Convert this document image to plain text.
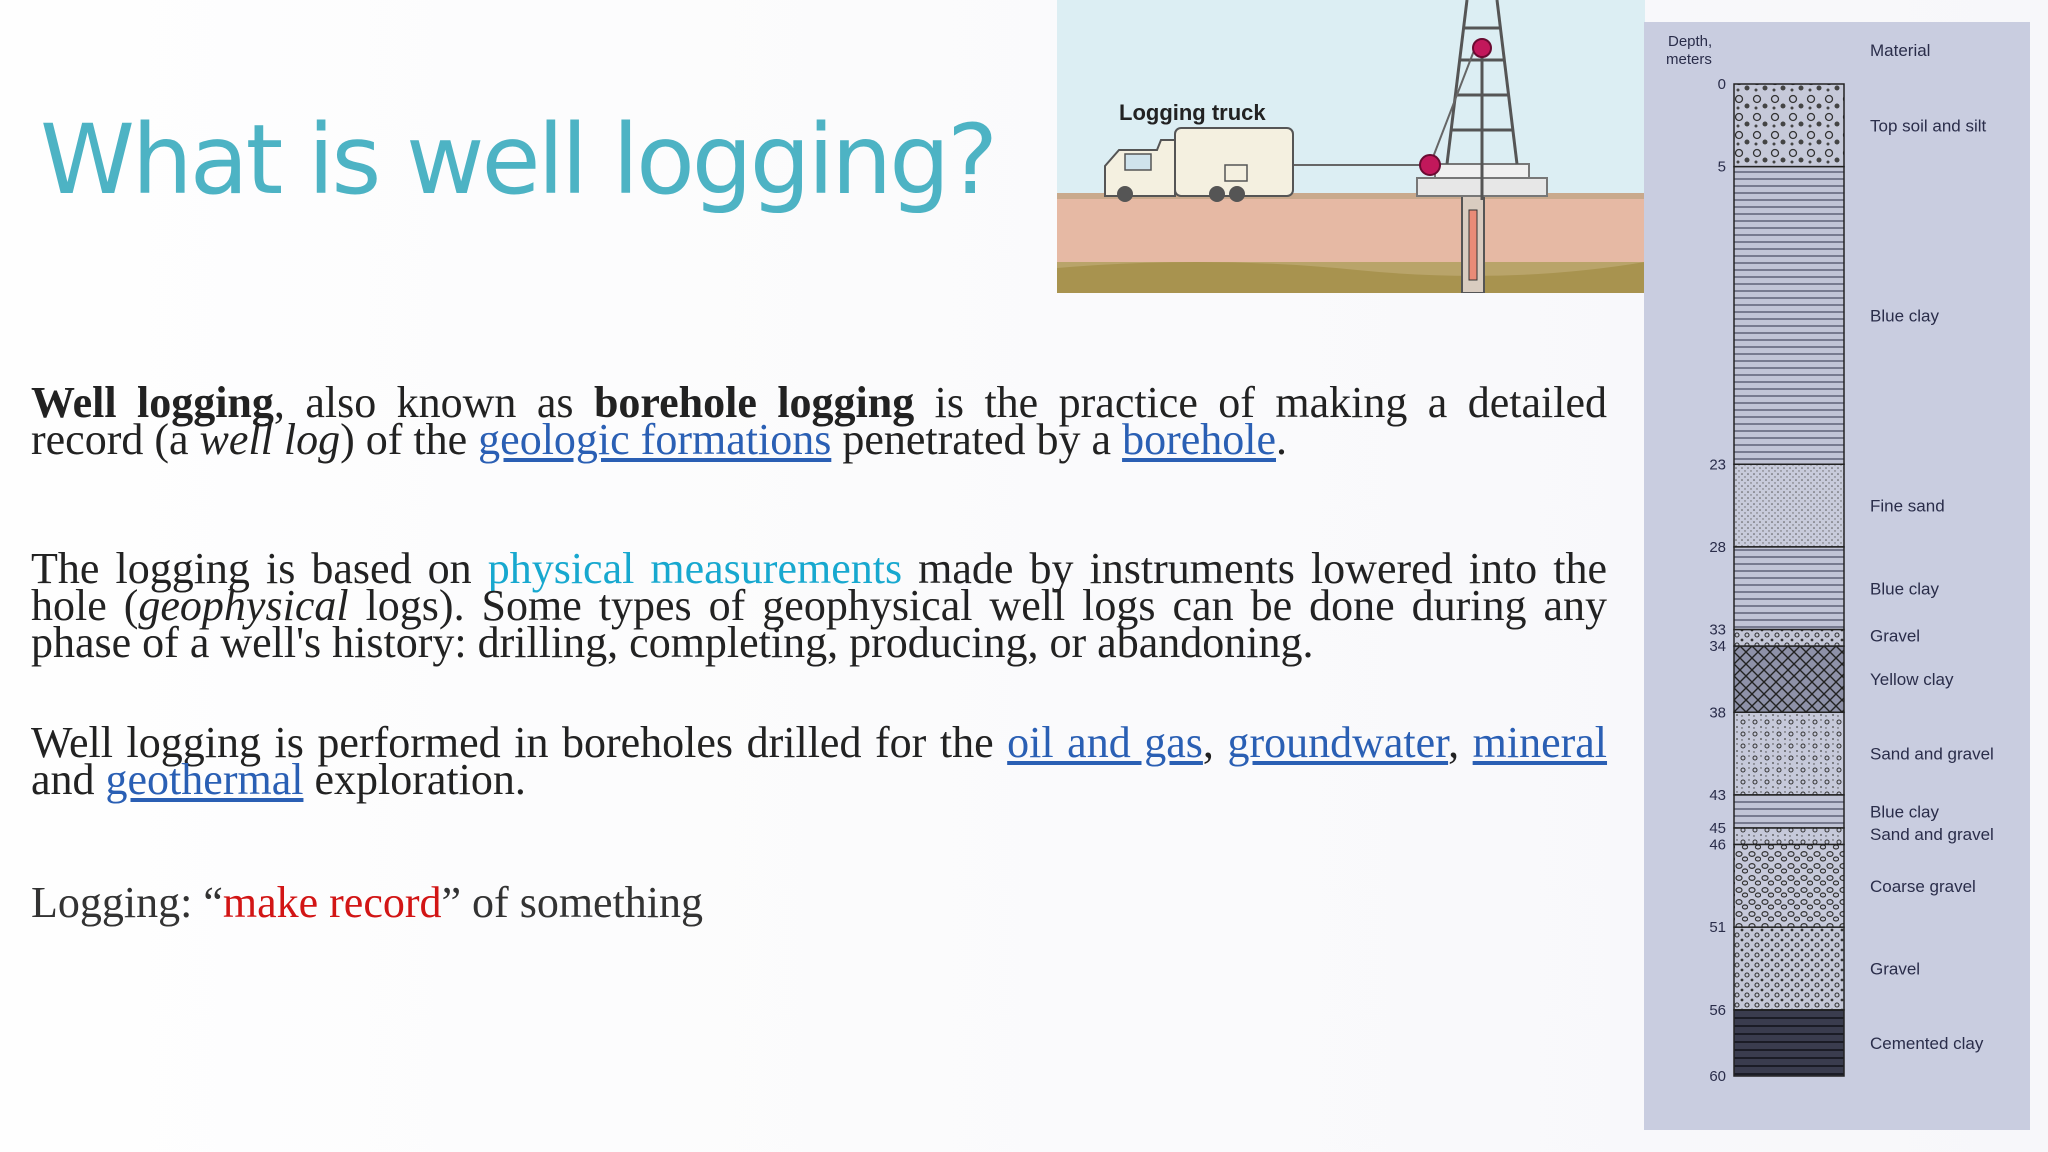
What is well logging?

Well logging, also known as borehole logging is the practice of making a detailed record (a well log) of the geologic formations penetrated by a borehole.

The logging is based on physical measurements made by instruments lowered into the hole (geophysical logs). Some types of geophysical well logs can be done during any phase of a well's history: drilling, completing, producing, or abandoning.

Well logging is performed in boreholes drilled for the oil and gas, groundwater, mineral and geothermal exploration.

Logging: “make record” of something

Logging truck
Depth,
meters	Material
Top soil and silt
Blue clay
Fine sand
Blue clay
Gravel
Yellow clay
Sand and gravel
Blue clay
Sand and gravel
Coarse gravel
Gravel
Cemented clay
0
5
23
28
33
34
38
43
45
46
51
56
60
